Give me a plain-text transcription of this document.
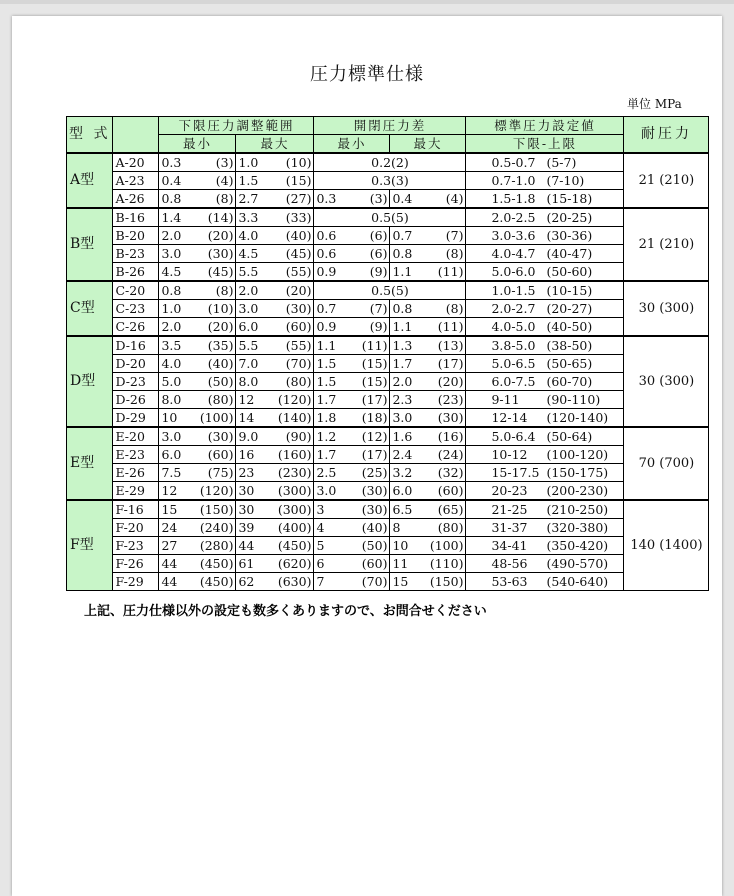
圧力標準仕様
単位 MPa
型 式		下限圧力調整範囲		開閉圧力差		標準圧力設定値	耐圧力
		最小	最大	最小	最大	下限-上限	
A型	A-20	0.3 (3)	1.0 (10)	0.2(2)		0.5-0.7 (5-7)	21 (210)
	A-23	0.4 (4)	1.5 (15)	0.3(3)		0.7-1.0 (7-10)	

	A-26	0.8 (8)	2.7 (27)	0.3 (3)	0.4 (4)	1.5-1.8 (15-18)	

B型	B-16	1.4 (14)	3.3 (33)	0.5(5)		2.0-2.5 (20-25)	21 (210)
	B-20	2.0 (20)	4.0 (40)	0.6 (6)	0.7 (7)	3.0-3.6 (30-36)	

	B-23	3.0 (30)	4.5 (45)	0.6 (6)	0.8 (8)	4.0-4.7 (40-47)	

	B-26	4.5 (45)	5.5 (55)	0.9 (9)	1.1 (11)	5.0-6.0 (50-60)	

C型	C-20	0.8 (8)	2.0 (20)	0.5(5)		1.0-1.5 (10-15)	30 (300)
	C-23	1.0 (10)	3.0 (30)	0.7 (7)	0.8 (8)	2.0-2.7 (20-27)	

	C-26	2.0 (20)	6.0 (60)	0.9 (9)	1.1 (11)	4.0-5.0 (40-50)	

D型	D-16	3.5 (35)	5.5 (55)	1.1 (11)	1.3 (13)	3.8-5.0 (38-50)	30 (300)
	D-20	4.0 (40)	7.0 (70)	1.5 (15)	1.7 (17)	5.0-6.5 (50-65)	

	D-23	5.0 (50)	8.0 (80)	1.5 (15)	2.0 (20)	6.0-7.5 (60-70)	

	D-26	8.0 (80)	12 (120)	1.7 (17)	2.3 (23)	9-11 (90-110)	

	D-29	10 (100)	14 (140)	1.8 (18)	3.0 (30)	12-14 (120-140)	

E型	E-20	3.0 (30)	9.0 (90)	1.2 (12)	1.6 (16)	5.0-6.4 (50-64)	70 (700)
	E-23	6.0 (60)	16 (160)	1.7 (17)	2.4 (24)	10-12 (100-120)	

	E-26	7.5 (75)	23 (230)	2.5 (25)	3.2 (32)	15-17.5 (150-175)	

	E-29	12 (120)	30 (300)	3.0 (30)	6.0 (60)	20-23 (200-230)	

F型	F-16	15 (150)	30 (300)	3 (30)	6.5 (65)	21-25 (210-250)	140 (1400)
	F-20	24 (240)	39 (400)	4 (40)	8 (80)	31-37 (320-380)	

	F-23	27 (280)	44 (450)	5 (50)	10 (100)	34-41 (350-420)	

	F-26	44 (450)	61 (620)	6 (60)	11 (110)	48-56 (490-570)	

	F-29	44 (450)	62 (630)	7 (70)	15 (150)	53-63 (540-640)	
上記、圧力仕様以外の設定も数多くありますので、お問合せください
